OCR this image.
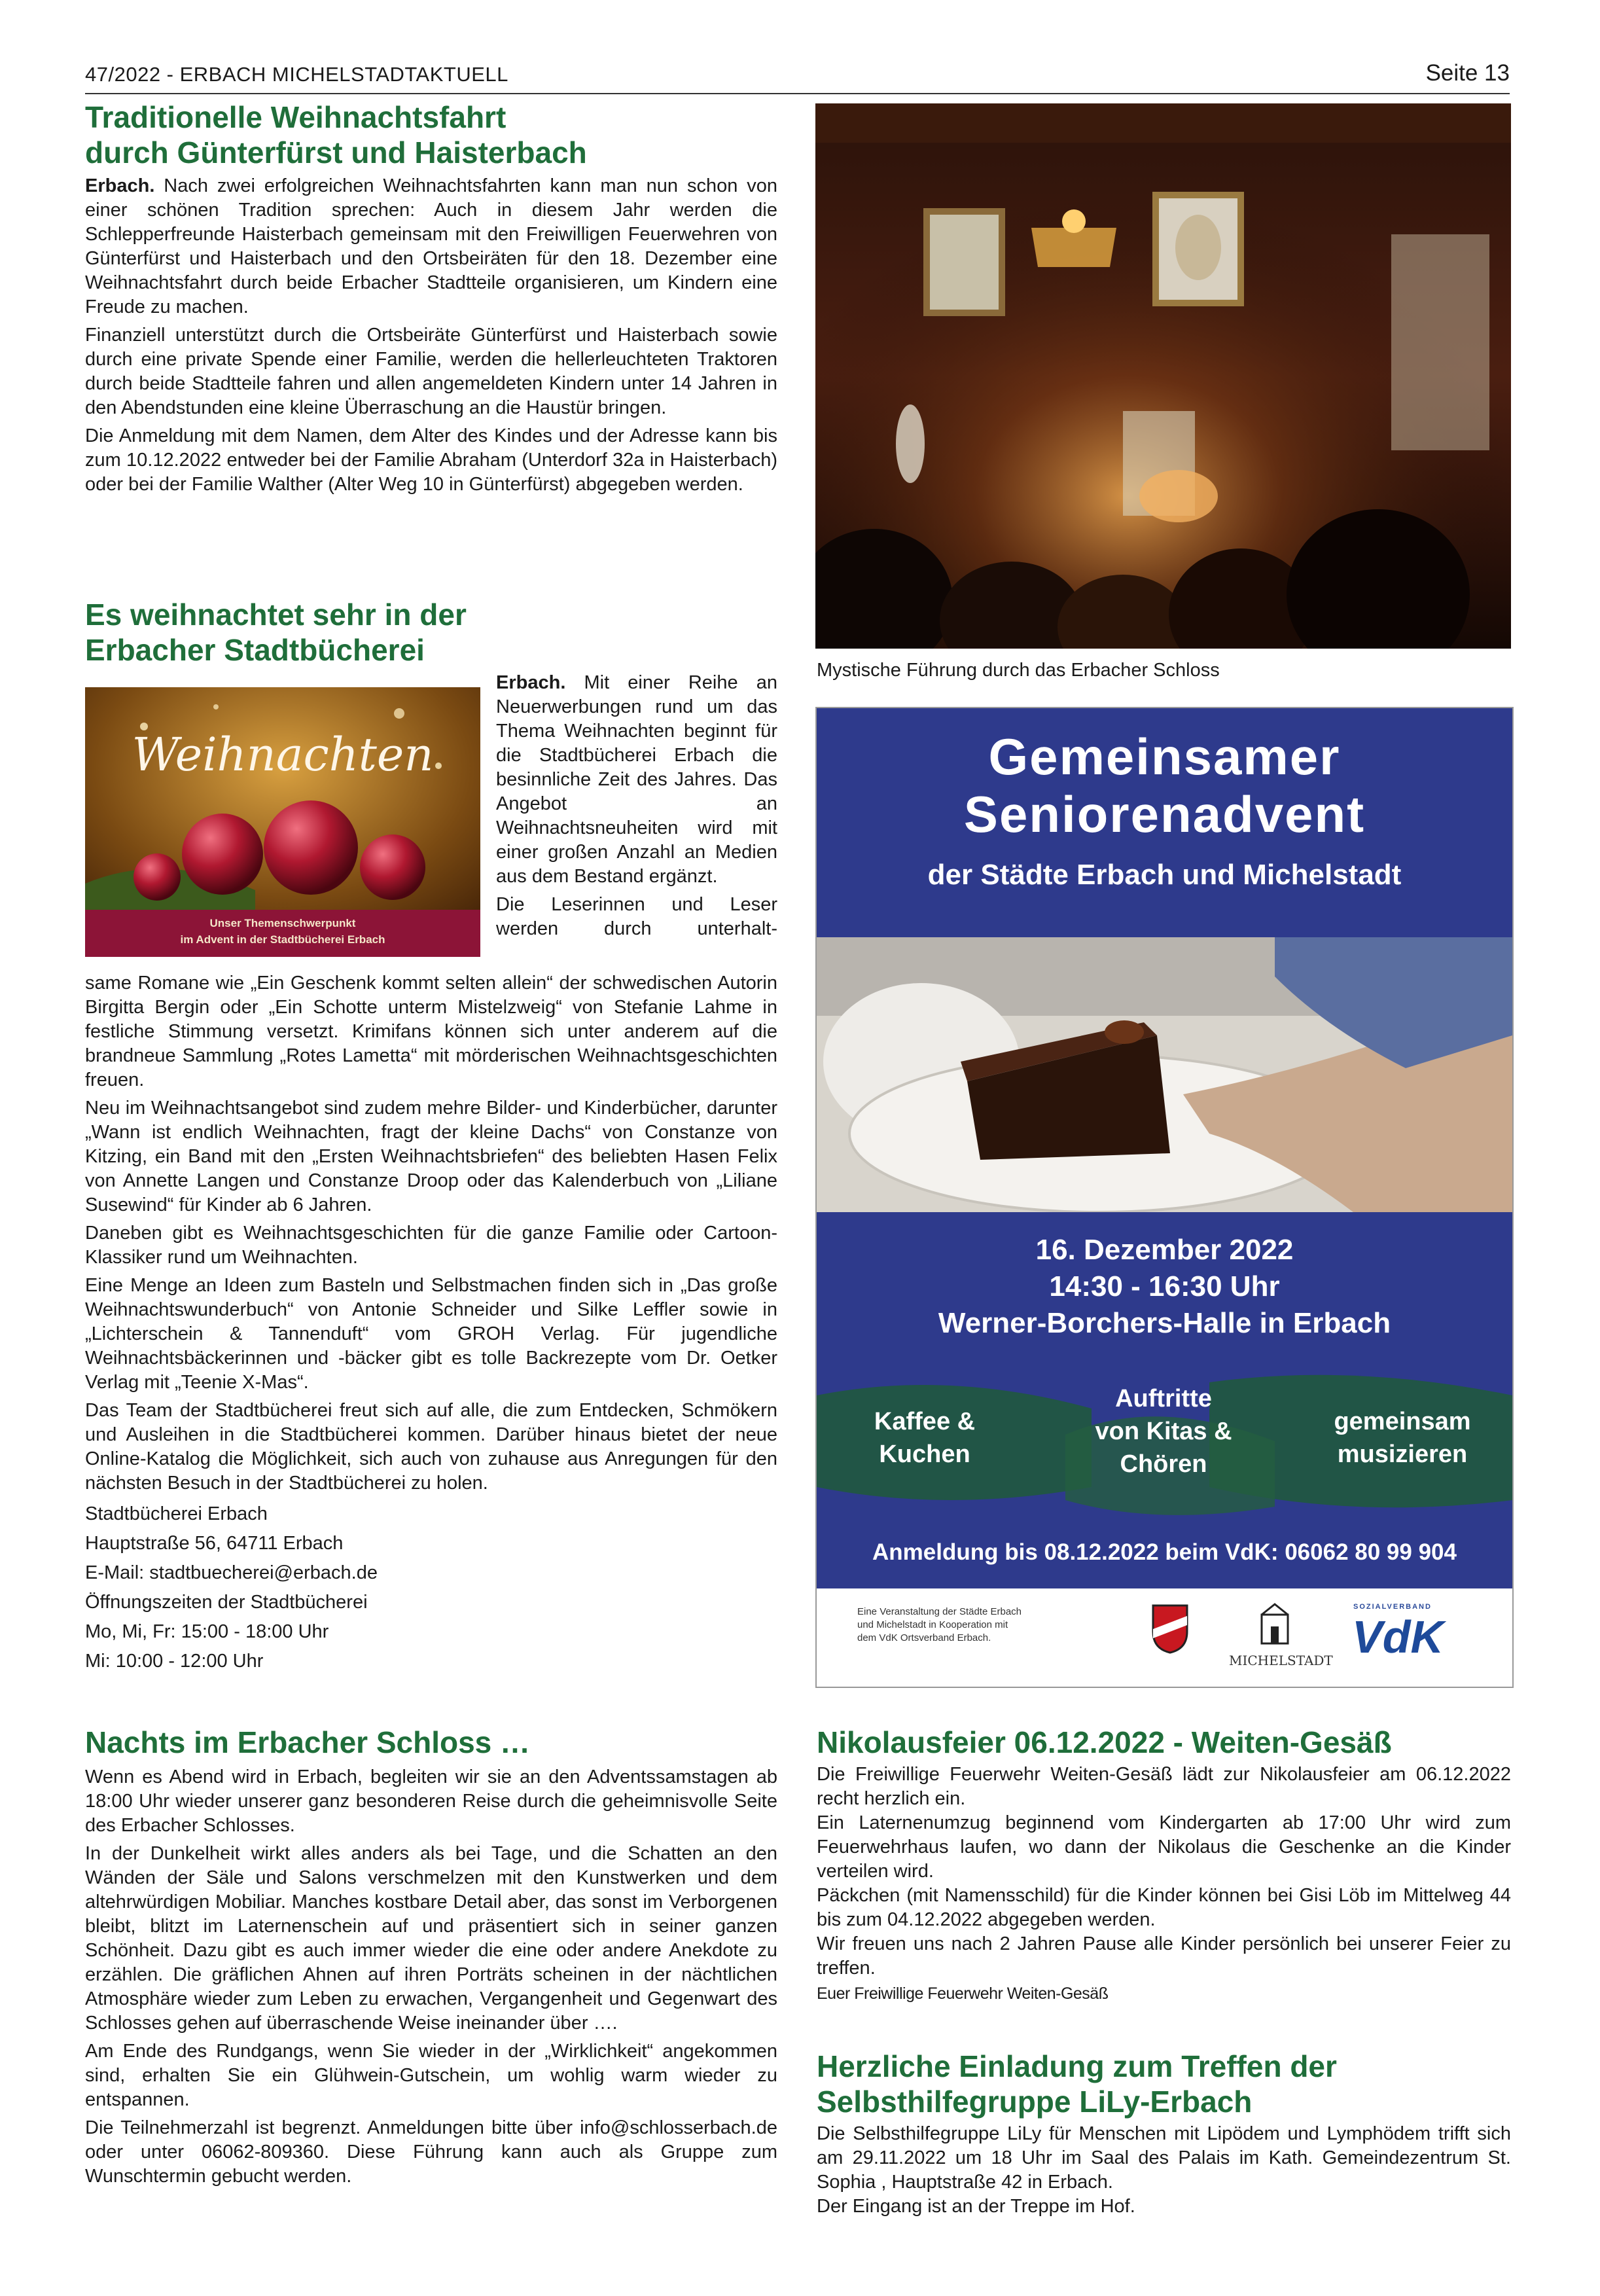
47/2022 - ERBACH MICHELSTADTAKTUELL	Seite 13
Traditionelle Weihnachtsfahrt
durch Günterfürst und Haisterbach

Erbach. Nach zwei erfolgreichen Weihnachtsfahrten kann man nun schon von einer schönen Tradition sprechen: Auch in diesem Jahr werden die Schlepperfreunde Haisterbach gemeinsam mit den Freiwilligen Feuerwehren von Günterfürst und Haisterbach und den Ortsbeiräten für den 18. Dezember eine Weihnachtsfahrt durch beide Erbacher Stadtteile organisieren, um Kindern eine Freude zu machen.

Finanziell unterstützt durch die Ortsbeiräte Günterfürst und Haisterbach sowie durch eine private Spende einer Familie, werden die hellerleuchteten Traktoren durch beide Stadtteile fahren und allen angemeldeten Kindern unter 14 Jahren in den Abendstunden eine kleine Überraschung an die Haustür bringen.

Die Anmeldung mit dem Namen, dem Alter des Kindes und der Adresse kann bis zum 10.12.2022 entweder bei der Familie Abraham (Unterdorf 32a in Haisterbach) oder bei der Familie Walther (Alter Weg 10 in Günterfürst) abgegeben werden.

Mystische Führung durch das Erbacher Schloss
Es weihnachtet sehr in der
Erbacher Stadtbücherei
Weihnachten
Unser Themenschwerpunkt
im Advent in der Stadtbücherei Erbach

Erbach. Mit einer Reihe an Neuerwerbungen rund um das Thema Weihnachten beginnt für die Stadtbücherei Erbach die besinnliche Zeit des Jahres. Das Angebot an Weihnachtsneuheiten wird mit einer großen Anzahl an Medien aus dem Bestand ergänzt.

Die Leserinnen und Leser werden durch unterhalt-

same Romane wie „Ein Geschenk kommt selten allein“ der schwedischen Autorin Birgitta Bergin oder „Ein Schotte unterm Mistelzweig“ von Stefanie Lahme in festliche Stimmung versetzt. Krimifans können sich unter anderem auf die brandneue Sammlung „Rotes Lametta“ mit mörderischen Weihnachtsgeschichten freuen.

Neu im Weihnachtsangebot sind zudem mehre Bilder- und Kinderbücher, darunter „Wann ist endlich Weihnachten, fragt der kleine Dachs“ von Constanze von Kitzing, ein Band mit den „Ersten Weihnachtsbriefen“ des beliebten Hasen Felix von Annette Langen und Constanze Droop oder das Kalenderbuch von „Liliane Susewind“ für Kinder ab 6 Jahren.

Daneben gibt es Weihnachtsgeschichten für die ganze Familie oder Cartoon-Klassiker rund um Weihnachten.

Eine Menge an Ideen zum Basteln und Selbstmachen finden sich in „Das große Weihnachtswunderbuch“ von Antonie Schneider und Silke Leffler sowie in „Lichterschein & Tannenduft“ vom GROH Verlag. Für jugendliche Weihnachtsbäckerinnen und -bäcker gibt es tolle Backrezepte vom Dr. Oetker Verlag mit „Teenie X-Mas“.

Das Team der Stadtbücherei freut sich auf alle, die zum Entdecken, Schmökern und Ausleihen in die Stadtbücherei kommen. Darüber hinaus bietet der neue Online-Katalog die Möglichkeit, sich auch von zuhause aus Anregungen für den nächsten Besuch in der Stadtbücherei zu holen.

Stadtbücherei Erbach
Hauptstraße 56, 64711 Erbach
E-Mail: stadtbuecherei@erbach.de
Öffnungszeiten der Stadtbücherei
Mo, Mi, Fr: 15:00 - 18:00 Uhr
Mi: 10:00 - 12:00 Uhr
Gemeinsamer
Seniorenadvent
der Städte Erbach und Michelstadt
16. Dezember 2022
14:30 - 16:30 Uhr
Werner-Borchers-Halle in Erbach
Kaffee &
Kuchen
Auftritte
von Kitas &
Chören
gemeinsam
musizieren
Anmeldung bis 08.12.2022 beim VdK: 06062 80 99 904
Eine Veranstaltung der Städte Erbach
und Michelstadt in Kooperation mit
dem VdK Ortsverband Erbach.
MICHELSTADT
SOZIALVERBAND
VdK
Nachts im Erbacher Schloss …

Wenn es Abend wird in Erbach, begleiten wir sie an den Adventssamstagen ab 18:00 Uhr wieder unserer ganz besonderen Reise durch die geheimnisvolle Seite des Erbacher Schlosses.

In der Dunkelheit wirkt alles anders als bei Tage, und die Schatten an den Wänden der Säle und Salons verschmelzen mit den Kunstwerken und dem altehrwürdigen Mobiliar. Manches kostbare Detail aber, das sonst im Verborgenen bleibt, blitzt im Laternenschein auf und präsentiert sich in seiner ganzen Schönheit. Dazu gibt es auch immer wieder die eine oder andere Anekdote zu erzählen. Die gräflichen Ahnen auf ihren Porträts scheinen in der nächtlichen Atmosphäre wieder zum Leben zu erwachen, Vergangenheit und Gegenwart des Schlosses gehen auf überraschende Weise ineinander über ….

Am Ende des Rundgangs, wenn Sie wieder in der „Wirklichkeit“ angekommen sind, erhalten Sie ein Glühwein-Gutschein, um wohlig warm wieder zu entspannen.

Die Teilnehmerzahl ist begrenzt. Anmeldungen bitte über info@schlosserbach.de oder unter 06062-809360. Diese Führung kann auch als Gruppe zum Wunschtermin gebucht werden.

Nikolausfeier 06.12.2022 - Weiten-Gesäß

Die Freiwillige Feuerwehr Weiten-Gesäß lädt zur Nikolausfeier am 06.12.2022 recht herzlich ein.

Ein Laternenumzug beginnend vom Kindergarten ab 17:00 Uhr wird zum Feuerwehrhaus laufen, wo dann der Nikolaus die Geschenke an die Kinder verteilen wird.

Päckchen (mit Namensschild) für die Kinder können bei Gisi Löb im Mittelweg 44 bis zum 04.12.2022 abgegeben werden.

Wir freuen uns nach 2 Jahren Pause alle Kinder persönlich bei unserer Feier zu treffen.

Euer Freiwillige Feuerwehr Weiten-Gesäß

Herzliche Einladung zum Treffen der
Selbsthilfegruppe LiLy-Erbach

Die Selbsthilfegruppe LiLy für Menschen mit Lipödem und Lymphödem trifft sich am 29.11.2022 um 18 Uhr im Saal des Palais im Kath. Gemeindezentrum St. Sophia , Hauptstraße 42 in Erbach.

Der Eingang ist an der Treppe im Hof.
